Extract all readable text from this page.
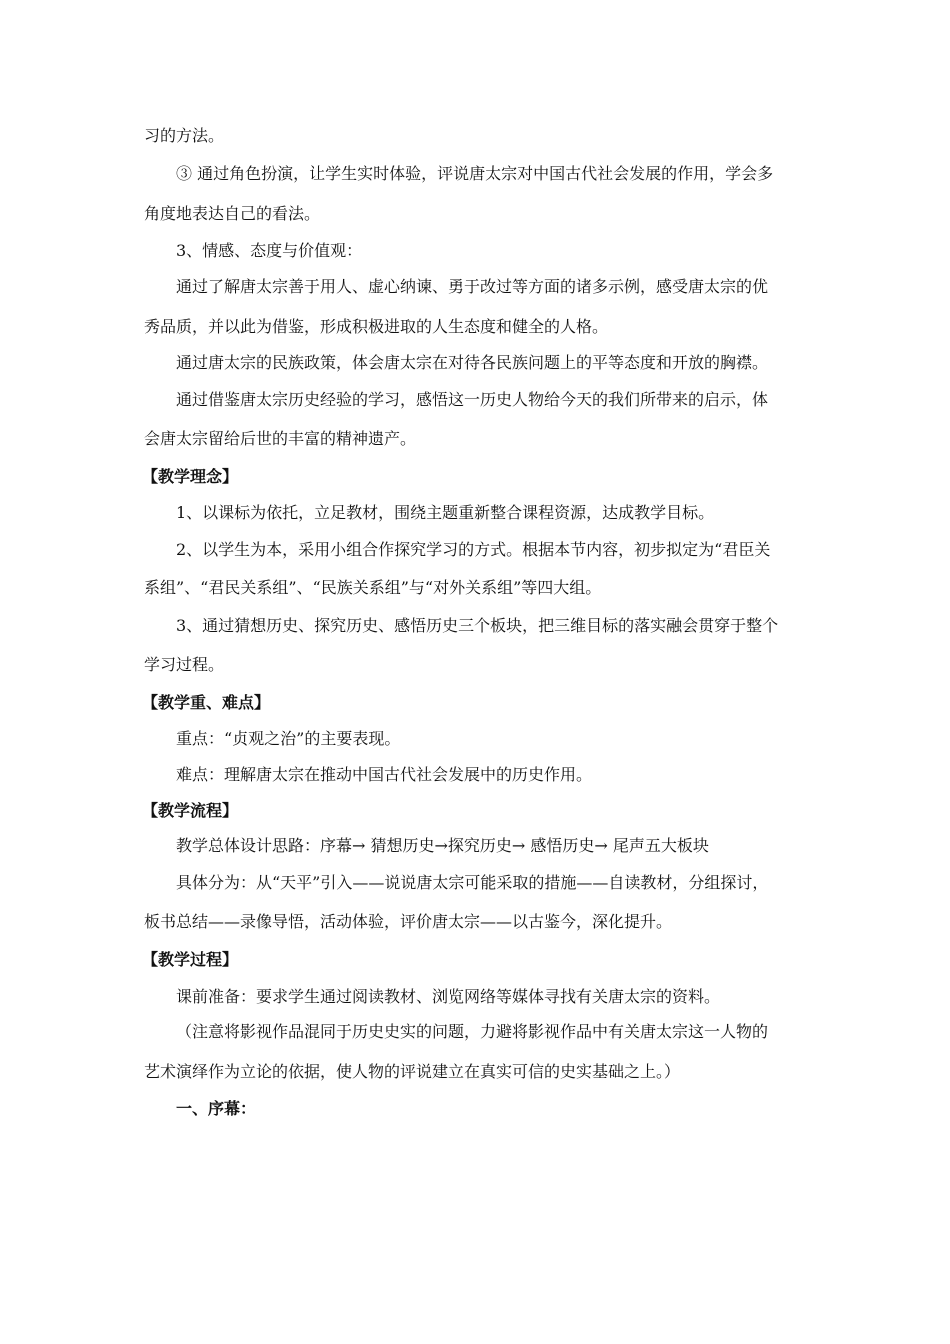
习的方法。
③ 通过角色扮演，让学生实时体验，评说唐太宗对中国古代社会发展的作用，学会多
角度地表达自己的看法。
3、情感、态度与价值观：
通过了解唐太宗善于用人、虚心纳谏、勇于改过等方面的诸多示例，感受唐太宗的优
秀品质，并以此为借鉴，形成积极进取的人生态度和健全的人格。
通过唐太宗的民族政策，体会唐太宗在对待各民族问题上的平等态度和开放的胸襟。
通过借鉴唐太宗历史经验的学习，感悟这一历史人物给今天的我们所带来的启示，体
会唐太宗留给后世的丰富的精神遗产。
【教学理念】
1、以课标为依托，立足教材，围绕主题重新整合课程资源，达成教学目标。
2、以学生为本，采用小组合作探究学习的方式。根据本节内容，初步拟定为“君臣关
系组”、“君民关系组”、“民族关系组”与“对外关系组”等四大组。
3、通过猜想历史、探究历史、感悟历史三个板块，把三维目标的落实融会贯穿于整个
学习过程。
【教学重、难点】
重点：“贞观之治”的主要表现。
难点：理解唐太宗在推动中国古代社会发展中的历史作用。
【教学流程】
教学总体设计思路：序幕→ 猜想历史→探究历史→ 感悟历史→ 尾声五大板块
具体分为：从“天平”引入——说说唐太宗可能采取的措施——自读教材，分组探讨，
板书总结——录像导悟，活动体验，评价唐太宗——以古鉴今，深化提升。
【教学过程】
课前准备：要求学生通过阅读教材、浏览网络等媒体寻找有关唐太宗的资料。
（注意将影视作品混同于历史史实的问题，力避将影视作品中有关唐太宗这一人物的
艺术演绎作为立论的依据，使人物的评说建立在真实可信的史实基础之上。）
一、序幕：
